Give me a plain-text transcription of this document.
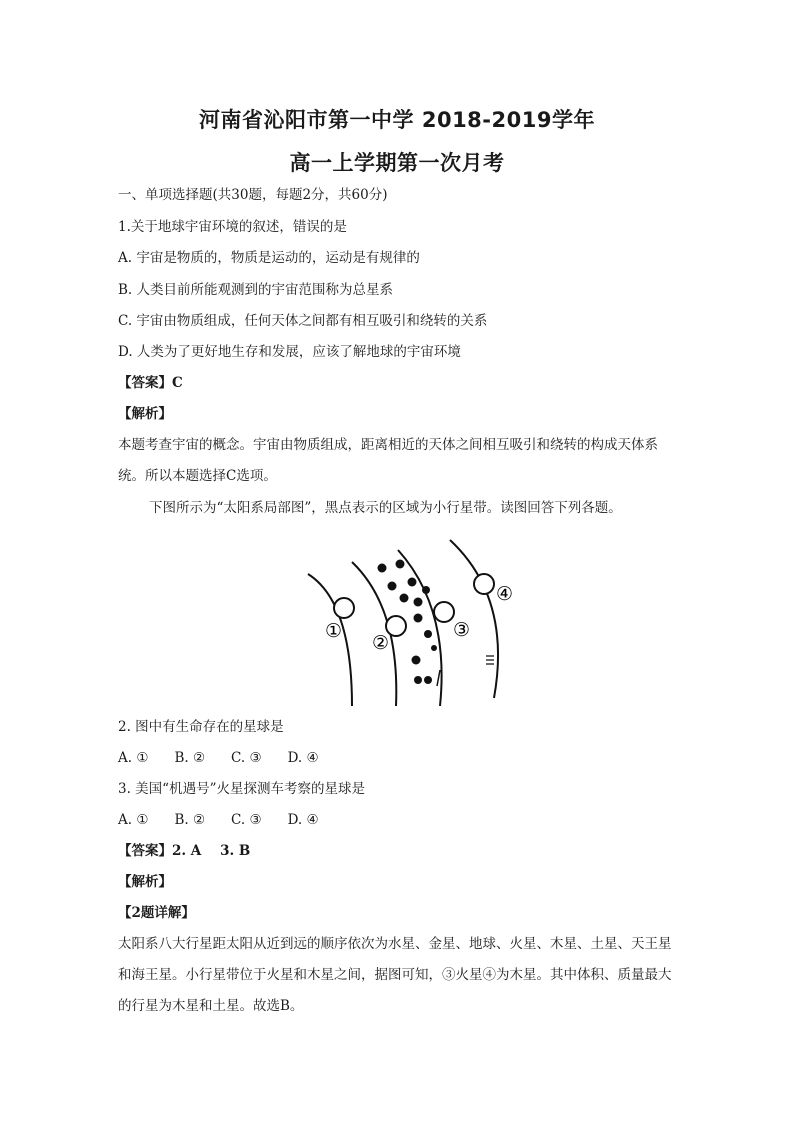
河南省沁阳市第一中学 2018-2019学年
高一上学期第一次月考
一、单项选择题(共30题，每题2分，共60分)
1.关于地球宇宙环境的叙述，错误的是
A. 宇宙是物质的，物质是运动的，运动是有规律的
B. 人类目前所能观测到的宇宙范围称为总星系
C. 宇宙由物质组成，任何天体之间都有相互吸引和绕转的关系
D. 人类为了更好地生存和发展，应该了解地球的宇宙环境
【答案】C
【解析】
本题考查宇宙的概念。宇宙由物质组成，距离相近的天体之间相互吸引和绕转的构成天体系统。所以本题选择C选项。
下图所示为“太阳系局部图”，黑点表示的区域为小行星带。读图回答下列各题。
①
②
③
④
2. 图中有生命存在的星球是
A. ① B. ② C. ③ D. ④
3. 美国“机遇号”火星探测车考察的星球是
A. ① B. ② C. ③ D. ④
【答案】2. A    3. B
【解析】
【2题详解】
太阳系八大行星距太阳从近到远的顺序依次为水星、金星、地球、火星、木星、土星、天王星和海王星。小行星带位于火星和木星之间，据图可知，③火星④为木星。其中体积、质量最大的行星为木星和土星。故选B。
